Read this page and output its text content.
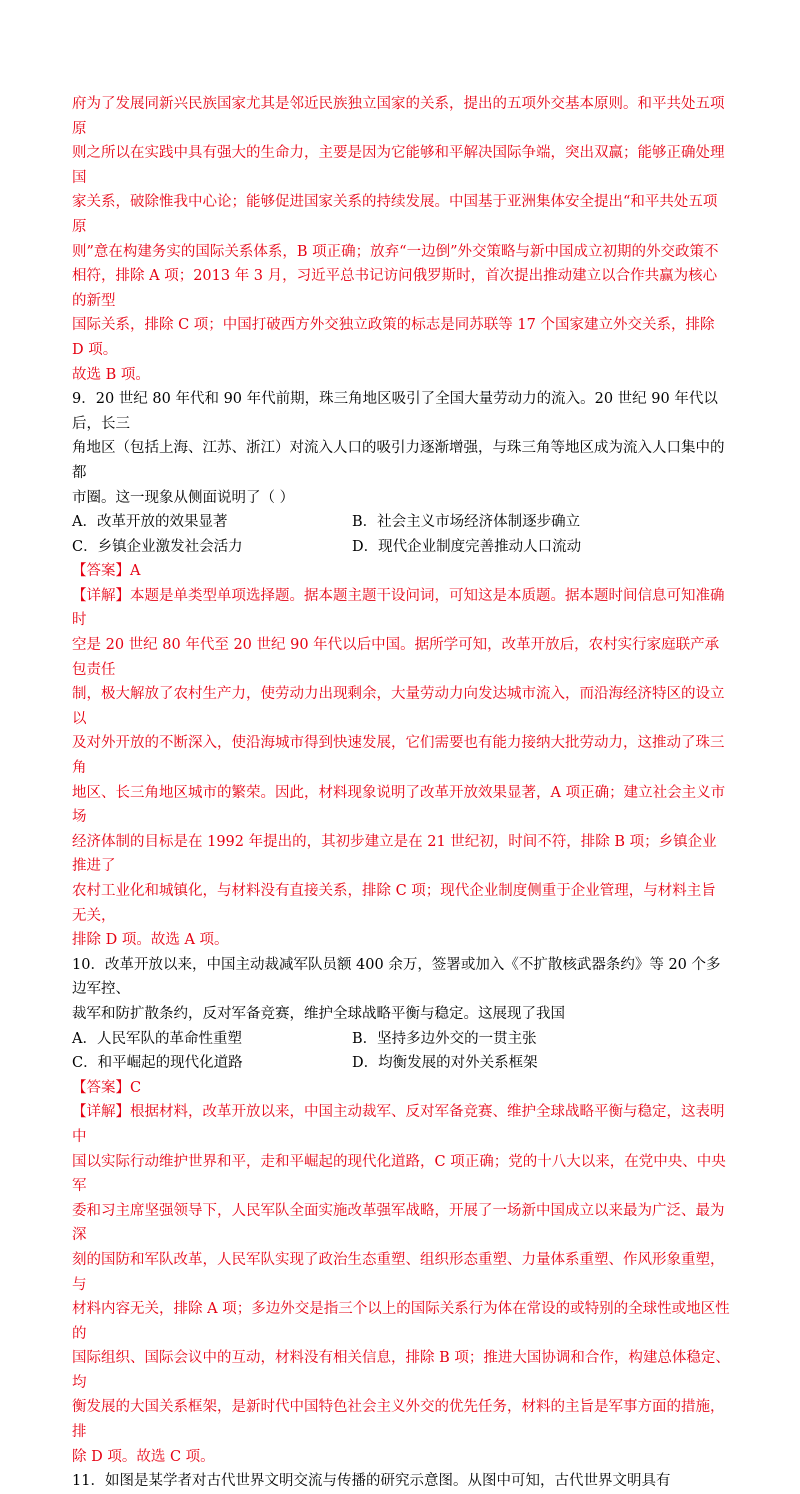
府为了发展同新兴民族国家尤其是邻近民族独立国家的关系，提出的五项外交基本原则。和平共处五项原

则之所以在实践中具有强大的生命力，主要是因为它能够和平解决国际争端，突出双赢；能够正确处理国

家关系，破除惟我中心论；能够促进国家关系的持续发展。中国基于亚洲集体安全提出“和平共处五项原

则”意在构建务实的国际关系体系，B 项正确；放弃“一边倒”外交策略与新中国成立初期的外交政策不

相符，排除 A 项；2013 年 3 月，习近平总书记访问俄罗斯时，首次提出推动建立以合作共赢为核心的新型

国际关系，排除 C 项；中国打破西方外交独立政策的标志是同苏联等 17 个国家建立外交关系，排除 D 项。

故选 B 项。

9．20 世纪 80 年代和 90 年代前期，珠三角地区吸引了全国大量劳动力的流入。20 世纪 90 年代以后，长三

角地区（包括上海、江苏、浙江）对流入人口的吸引力逐渐增强，与珠三角等地区成为流入人口集中的都

市圈。这一现象从侧面说明了（ ）

A．改革开放的效果显著	B．社会主义市场经济体制逐步确立
C．乡镇企业激发社会活力	D．现代企业制度完善推动人口流动

【答案】A

【详解】本题是单类型单项选择题。据本题主题干设问词，可知这是本质题。据本题时间信息可知准确时

空是 20 世纪 80 年代至 20 世纪 90 年代以后中国。据所学可知，改革开放后，农村实行家庭联产承包责任

制，极大解放了农村生产力，使劳动力出现剩余，大量劳动力向发达城市流入，而沿海经济特区的设立以

及对外开放的不断深入，使沿海城市得到快速发展，它们需要也有能力接纳大批劳动力，这推动了珠三角

地区、长三角地区城市的繁荣。因此，材料现象说明了改革开放效果显著，A 项正确；建立社会主义市场

经济体制的目标是在 1992 年提出的，其初步建立是在 21 世纪初，时间不符，排除 B 项；乡镇企业推进了

农村工业化和城镇化，与材料没有直接关系，排除 C 项；现代企业制度侧重于企业管理，与材料主旨无关，

排除 D 项。故选 A 项。

10．改革开放以来，中国主动裁减军队员额 400 余万，签署或加入《不扩散核武器条约》等 20 个多边军控、

裁军和防扩散条约，反对军备竞赛，维护全球战略平衡与稳定。这展现了我国

A．人民军队的革命性重塑	B．坚持多边外交的一贯主张
C．和平崛起的现代化道路	D．均衡发展的对外关系框架

【答案】C

【详解】根据材料，改革开放以来，中国主动裁军、反对军备竞赛、维护全球战略平衡与稳定，这表明中

国以实际行动维护世界和平，走和平崛起的现代化道路，C 项正确；党的十八大以来，在党中央、中央军

委和习主席坚强领导下，人民军队全面实施改革强军战略，开展了一场新中国成立以来最为广泛、最为深

刻的国防和军队改革，人民军队实现了政治生态重塑、组织形态重塑、力量体系重塑、作风形象重塑，与

材料内容无关，排除 A 项；多边外交是指三个以上的国际关系行为体在常设的或特别的全球性或地区性的

国际组织、国际会议中的互动，材料没有相关信息，排除 B 项；推进大国协调和合作，构建总体稳定、均

衡发展的大国关系框架，是新时代中国特色社会主义外交的优先任务，材料的主旨是军事方面的措施，排

除 D 项。故选 C 项。

11．如图是某学者对古代世界文明交流与传播的研究示意图。从图中可知，古代世界文明具有
